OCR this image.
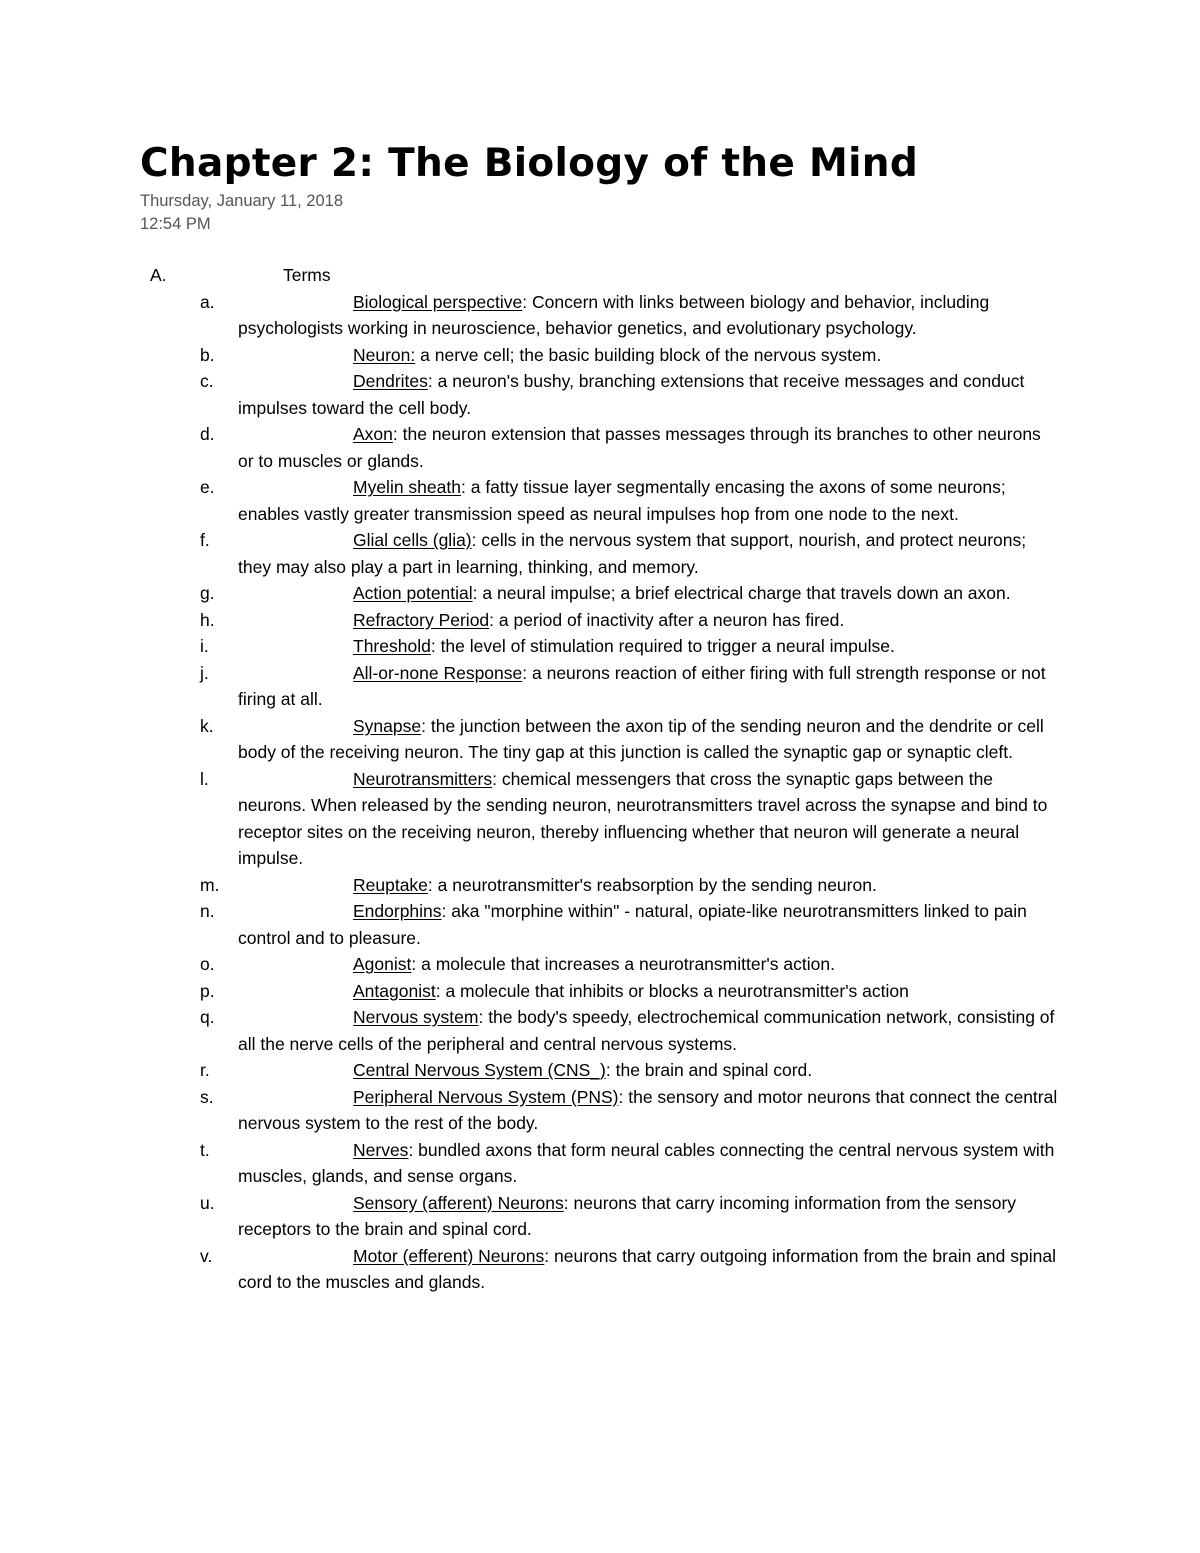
Chapter 2: The Biology of the Mind
Thursday, January 11, 2018
12:54 PM
A.	Terms
a.	Biological perspective: Concern with links between biology and behavior, including psychologists working in neuroscience, behavior genetics, and evolutionary psychology.
b.	Neuron: a nerve cell; the basic building block of the nervous system.
c.	Dendrites: a neuron's bushy, branching extensions that receive messages and conduct impulses toward the cell body.
d.	Axon: the neuron extension that passes messages through its branches to other neurons or to muscles or glands.
e.	Myelin sheath: a fatty tissue layer segmentally encasing the axons of some neurons; enables vastly greater transmission speed as neural impulses hop from one node to the next.
f.	Glial cells (glia): cells in the nervous system that support, nourish, and protect neurons; they may also play a part in learning, thinking, and memory.
g.	Action potential: a neural impulse; a brief electrical charge that travels down an axon.
h.	Refractory Period: a period of inactivity after a neuron has fired.
i.	Threshold: the level of stimulation required to trigger a neural impulse.
j.	All-or-none Response: a neurons reaction of either firing with full strength response or not firing at all.
k.	Synapse: the junction between the axon tip of the sending neuron and the dendrite or cell body of the receiving neuron. The tiny gap at this junction is called the synaptic gap or synaptic cleft.
l.	Neurotransmitters: chemical messengers that cross the synaptic gaps between the neurons. When released by the sending neuron, neurotransmitters travel across the synapse and bind to receptor sites on the receiving neuron, thereby influencing whether that neuron will generate a neural impulse.
m.	Reuptake: a neurotransmitter's reabsorption by the sending neuron.
n.	Endorphins: aka "morphine within" - natural, opiate-like neurotransmitters linked to pain control and to pleasure.
o.	Agonist: a molecule that increases a neurotransmitter's action.
p.	Antagonist: a molecule that inhibits or blocks a neurotransmitter's action
q.	Nervous system: the body's speedy, electrochemical communication network, consisting of all the nerve cells of the peripheral and central nervous systems.
r.	Central Nervous System (CNS_): the brain and spinal cord.
s.	Peripheral Nervous System (PNS): the sensory and motor neurons that connect the central nervous system to the rest of the body.
t.	Nerves: bundled axons that form neural cables connecting the central nervous system with muscles, glands, and sense organs.
u.	Sensory (afferent) Neurons: neurons that carry incoming information from the sensory receptors to the brain and spinal cord.
v.	Motor (efferent) Neurons: neurons that carry outgoing information from the brain and spinal cord to the muscles and glands.
